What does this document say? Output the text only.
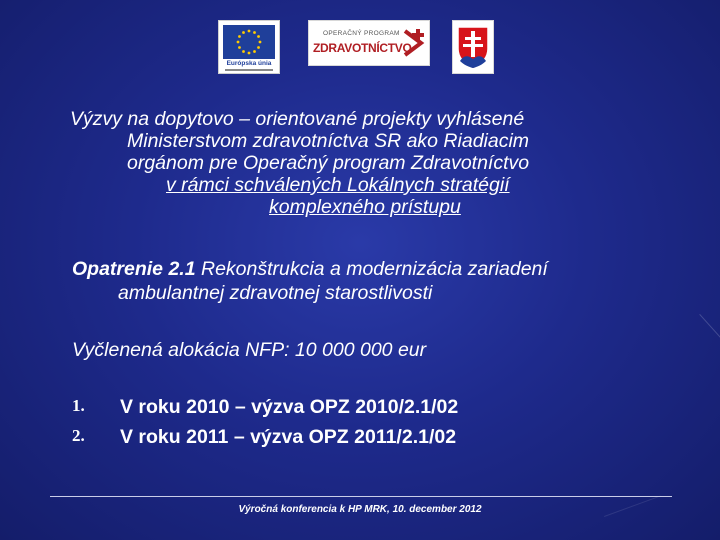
Európska únia
OPERAČNÝ PROGRAM
ZDRAVOTNÍCTVO
Výzvy na dopytovo – orientované projekty vyhlásené
Ministerstvom zdravotníctva SR ako Riadiacim
orgánom pre Operačný program Zdravotníctvo
v rámci schválených Lokálnych stratégií
komplexného prístupu
Opatrenie 2.1 Rekonštrukcia a modernizácia zariadení
ambulantnej zdravotnej starostlivosti
Vyčlenená alokácia NFP: 10 000 000 eur
1. V roku 2010 – výzva OPZ 2010/2.1/02
2. V roku 2011 – výzva OPZ 2011/2.1/02
Výročná konferencia k HP MRK, 10. december 2012
